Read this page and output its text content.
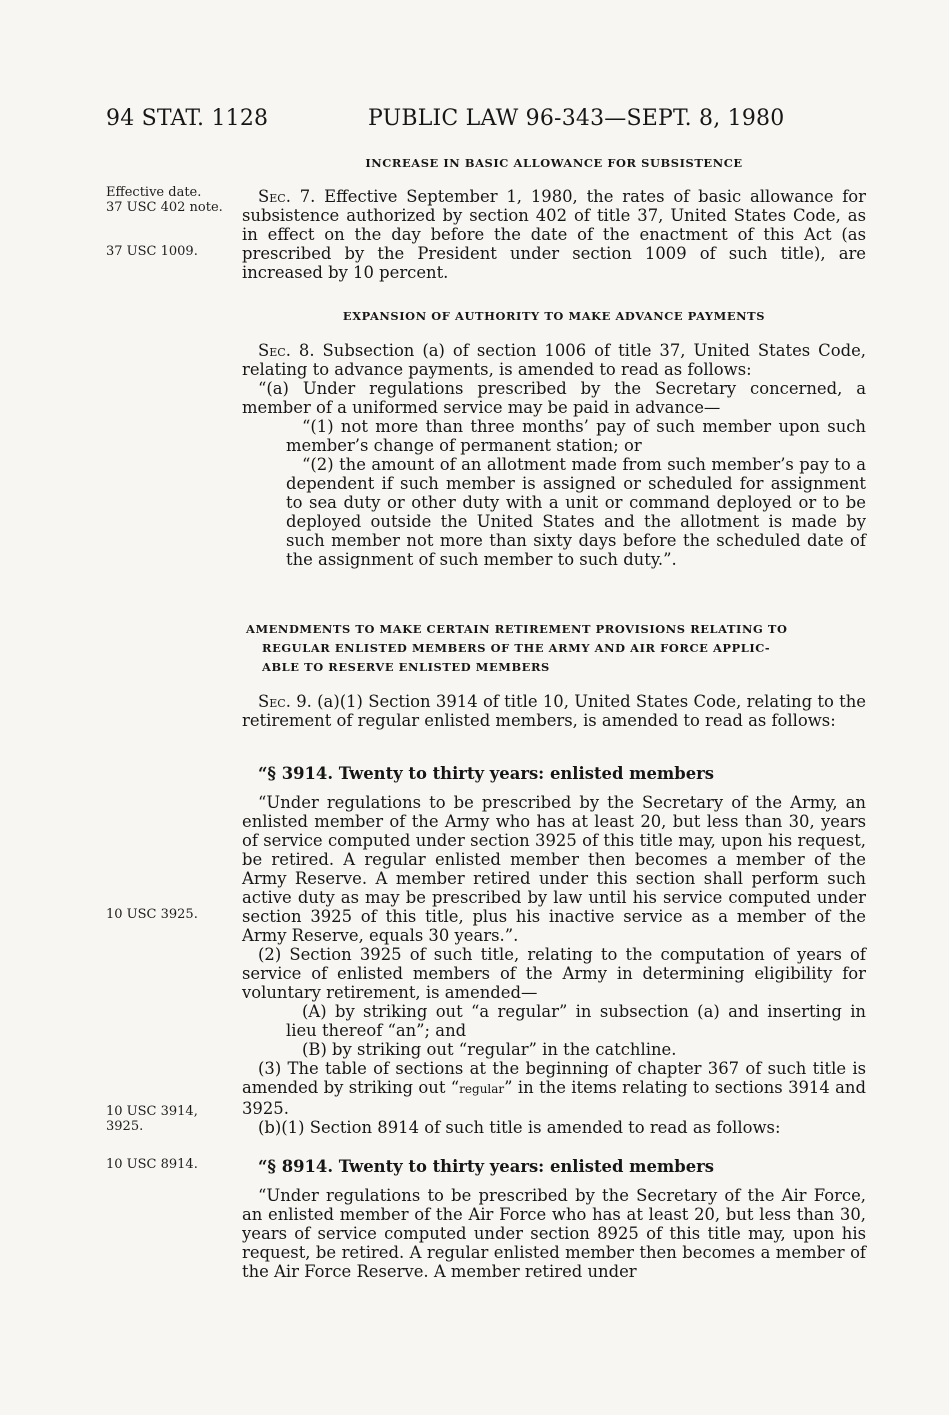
94 STAT. 1128	PUBLIC LAW 96-343—SEPT. 8, 1980
Effective date.
37 USC 402 note.
37 USC 1009.
10 USC 3925.
10 USC 3914,
3925.
10 USC 8914.
INCREASE IN BASIC ALLOWANCE FOR SUBSISTENCE

Sec. 7. Effective September 1, 1980, the rates of basic allowance for subsistence authorized by section 402 of title 37, United States Code, as in effect on the day before the date of the enactment of this Act (as prescribed by the President under section 1009 of such title), are increased by 10 percent.

EXPANSION OF AUTHORITY TO MAKE ADVANCE PAYMENTS

Sec. 8. Subsection (a) of section 1006 of title 37, United States Code, relating to advance payments, is amended to read as follows:

“(a) Under regulations prescribed by the Secretary concerned, a member of a uniformed service may be paid in advance—

“(1) not more than three months’ pay of such member upon such member’s change of permanent station; or

“(2) the amount of an allotment made from such member’s pay to a dependent if such member is assigned or scheduled for assignment to sea duty or other duty with a unit or command deployed or to be deployed outside the United States and the allotment is made by such member not more than sixty days before the scheduled date of the assignment of such member to such duty.”.

AMENDMENTS TO MAKE CERTAIN RETIREMENT PROVISIONS RELATING TO
REGULAR ENLISTED MEMBERS OF THE ARMY AND AIR FORCE APPLIC-
ABLE TO RESERVE ENLISTED MEMBERS

Sec. 9. (a)(1) Section 3914 of title 10, United States Code, relating to the retirement of regular enlisted members, is amended to read as follows:

“§ 3914. Twenty to thirty years: enlisted members

“Under regulations to be prescribed by the Secretary of the Army, an enlisted member of the Army who has at least 20, but less than 30, years of service computed under section 3925 of this title may, upon his request, be retired. A regular enlisted member then becomes a member of the Army Reserve. A member retired under this section shall perform such active duty as may be prescribed by law until his service computed under section 3925 of this title, plus his inactive service as a member of the Army Reserve, equals 30 years.”.

(2) Section 3925 of such title, relating to the computation of years of service of enlisted members of the Army in determining eligibility for voluntary retirement, is amended—

(A) by striking out “a regular” in subsection (a) and inserting in lieu thereof “an”; and

(B) by striking out “regular” in the catchline.

(3) The table of sections at the beginning of chapter 367 of such title is amended by striking out “regular” in the items relating to sections 3914 and 3925.

(b)(1) Section 8914 of such title is amended to read as follows:

“§ 8914. Twenty to thirty years: enlisted members

“Under regulations to be prescribed by the Secretary of the Air Force, an enlisted member of the Air Force who has at least 20, but less than 30, years of service computed under section 8925 of this title may, upon his request, be retired. A regular enlisted member then becomes a member of the Air Force Reserve. A member retired under
